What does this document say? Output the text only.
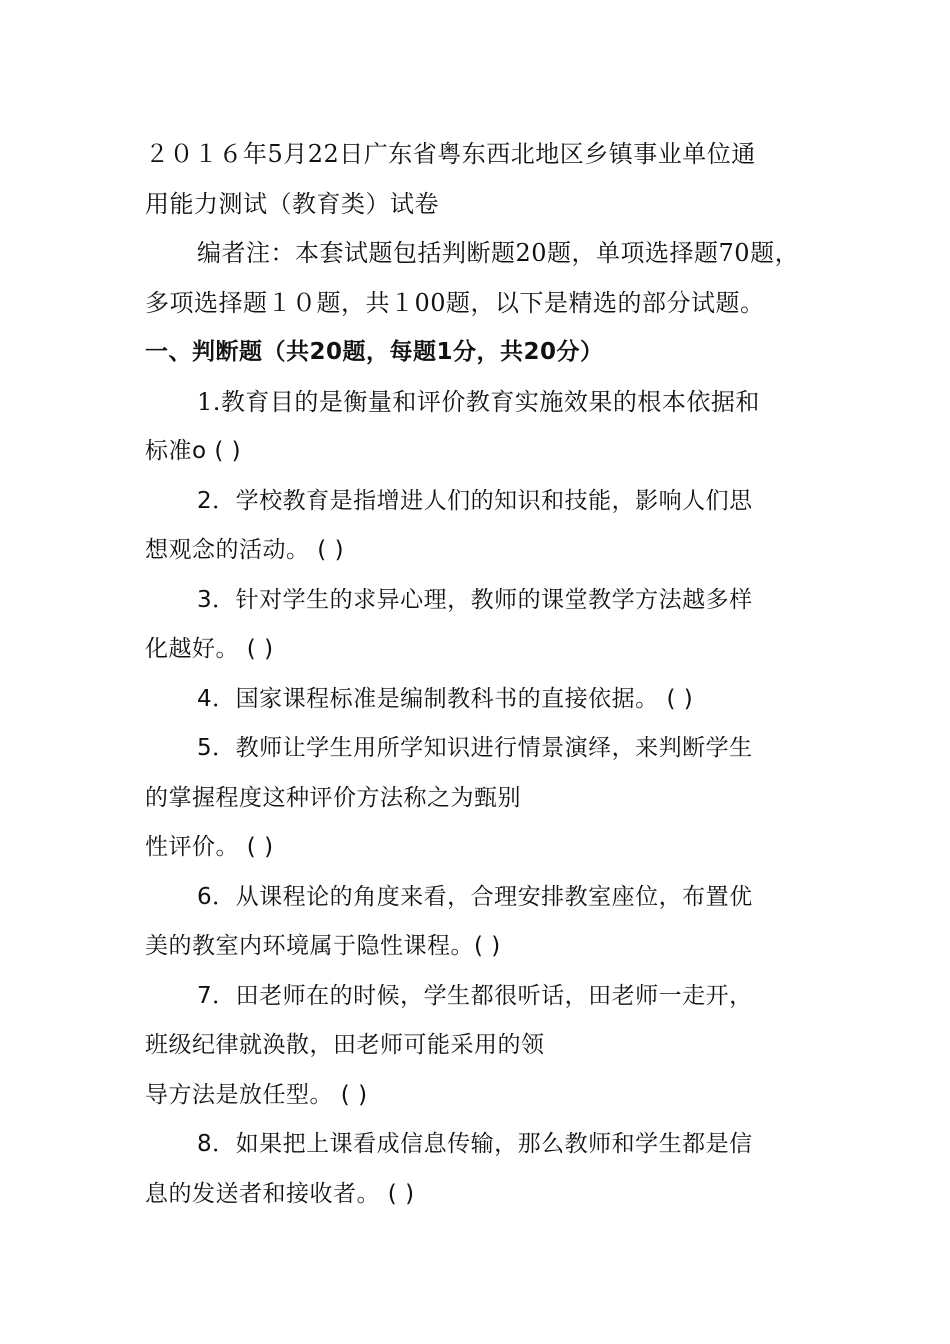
２０１６年5月22日广东省粤东西北地区乡镇事业单位通
用能力测试（教育类）试卷
编者注：本套试题包括判断题20题，单项选择题70题，
多项选择题１０题，共１00题，以下是精选的部分试题。
一、判断题（共20题，每题1分，共20分）
1.教育目的是衡量和评价教育实施效果的根本依据和
标准o ( )
2．学校教育是指增进人们的知识和技能，影响人们思
想观念的活动。 ( )
3．针对学生的求异心理，教师的课堂教学方法越多样
化越好。 ( )
4．国家课程标准是编制教科书的直接依据。 ( )
5．教师让学生用所学知识进行情景演绎，来判断学生
的掌握程度这种评价方法称之为甄别
性评价。 ( )
6．从课程论的角度来看，合理安排教室座位，布置优
美的教室内环境属于隐性课程。( )
7．田老师在的时候，学生都很听话，田老师一走开，
班级纪律就涣散，田老师可能采用的领
导方法是放任型。 ( )
8．如果把上课看成信息传输，那么教师和学生都是信
息的发送者和接收者。 ( )
